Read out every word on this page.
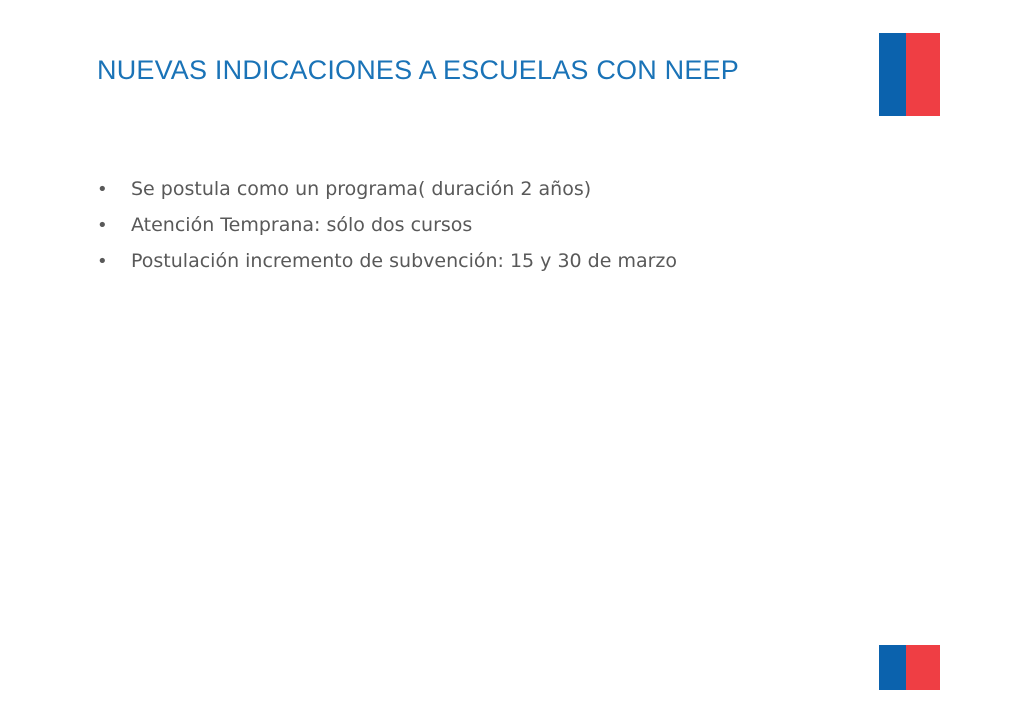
NUEVAS INDICACIONES A ESCUELAS CON NEEP
•	Se postula como un programa( duración 2 años)
•	Atención Temprana: sólo dos cursos
•	Postulación incremento de subvención: 15 y 30 de marzo
